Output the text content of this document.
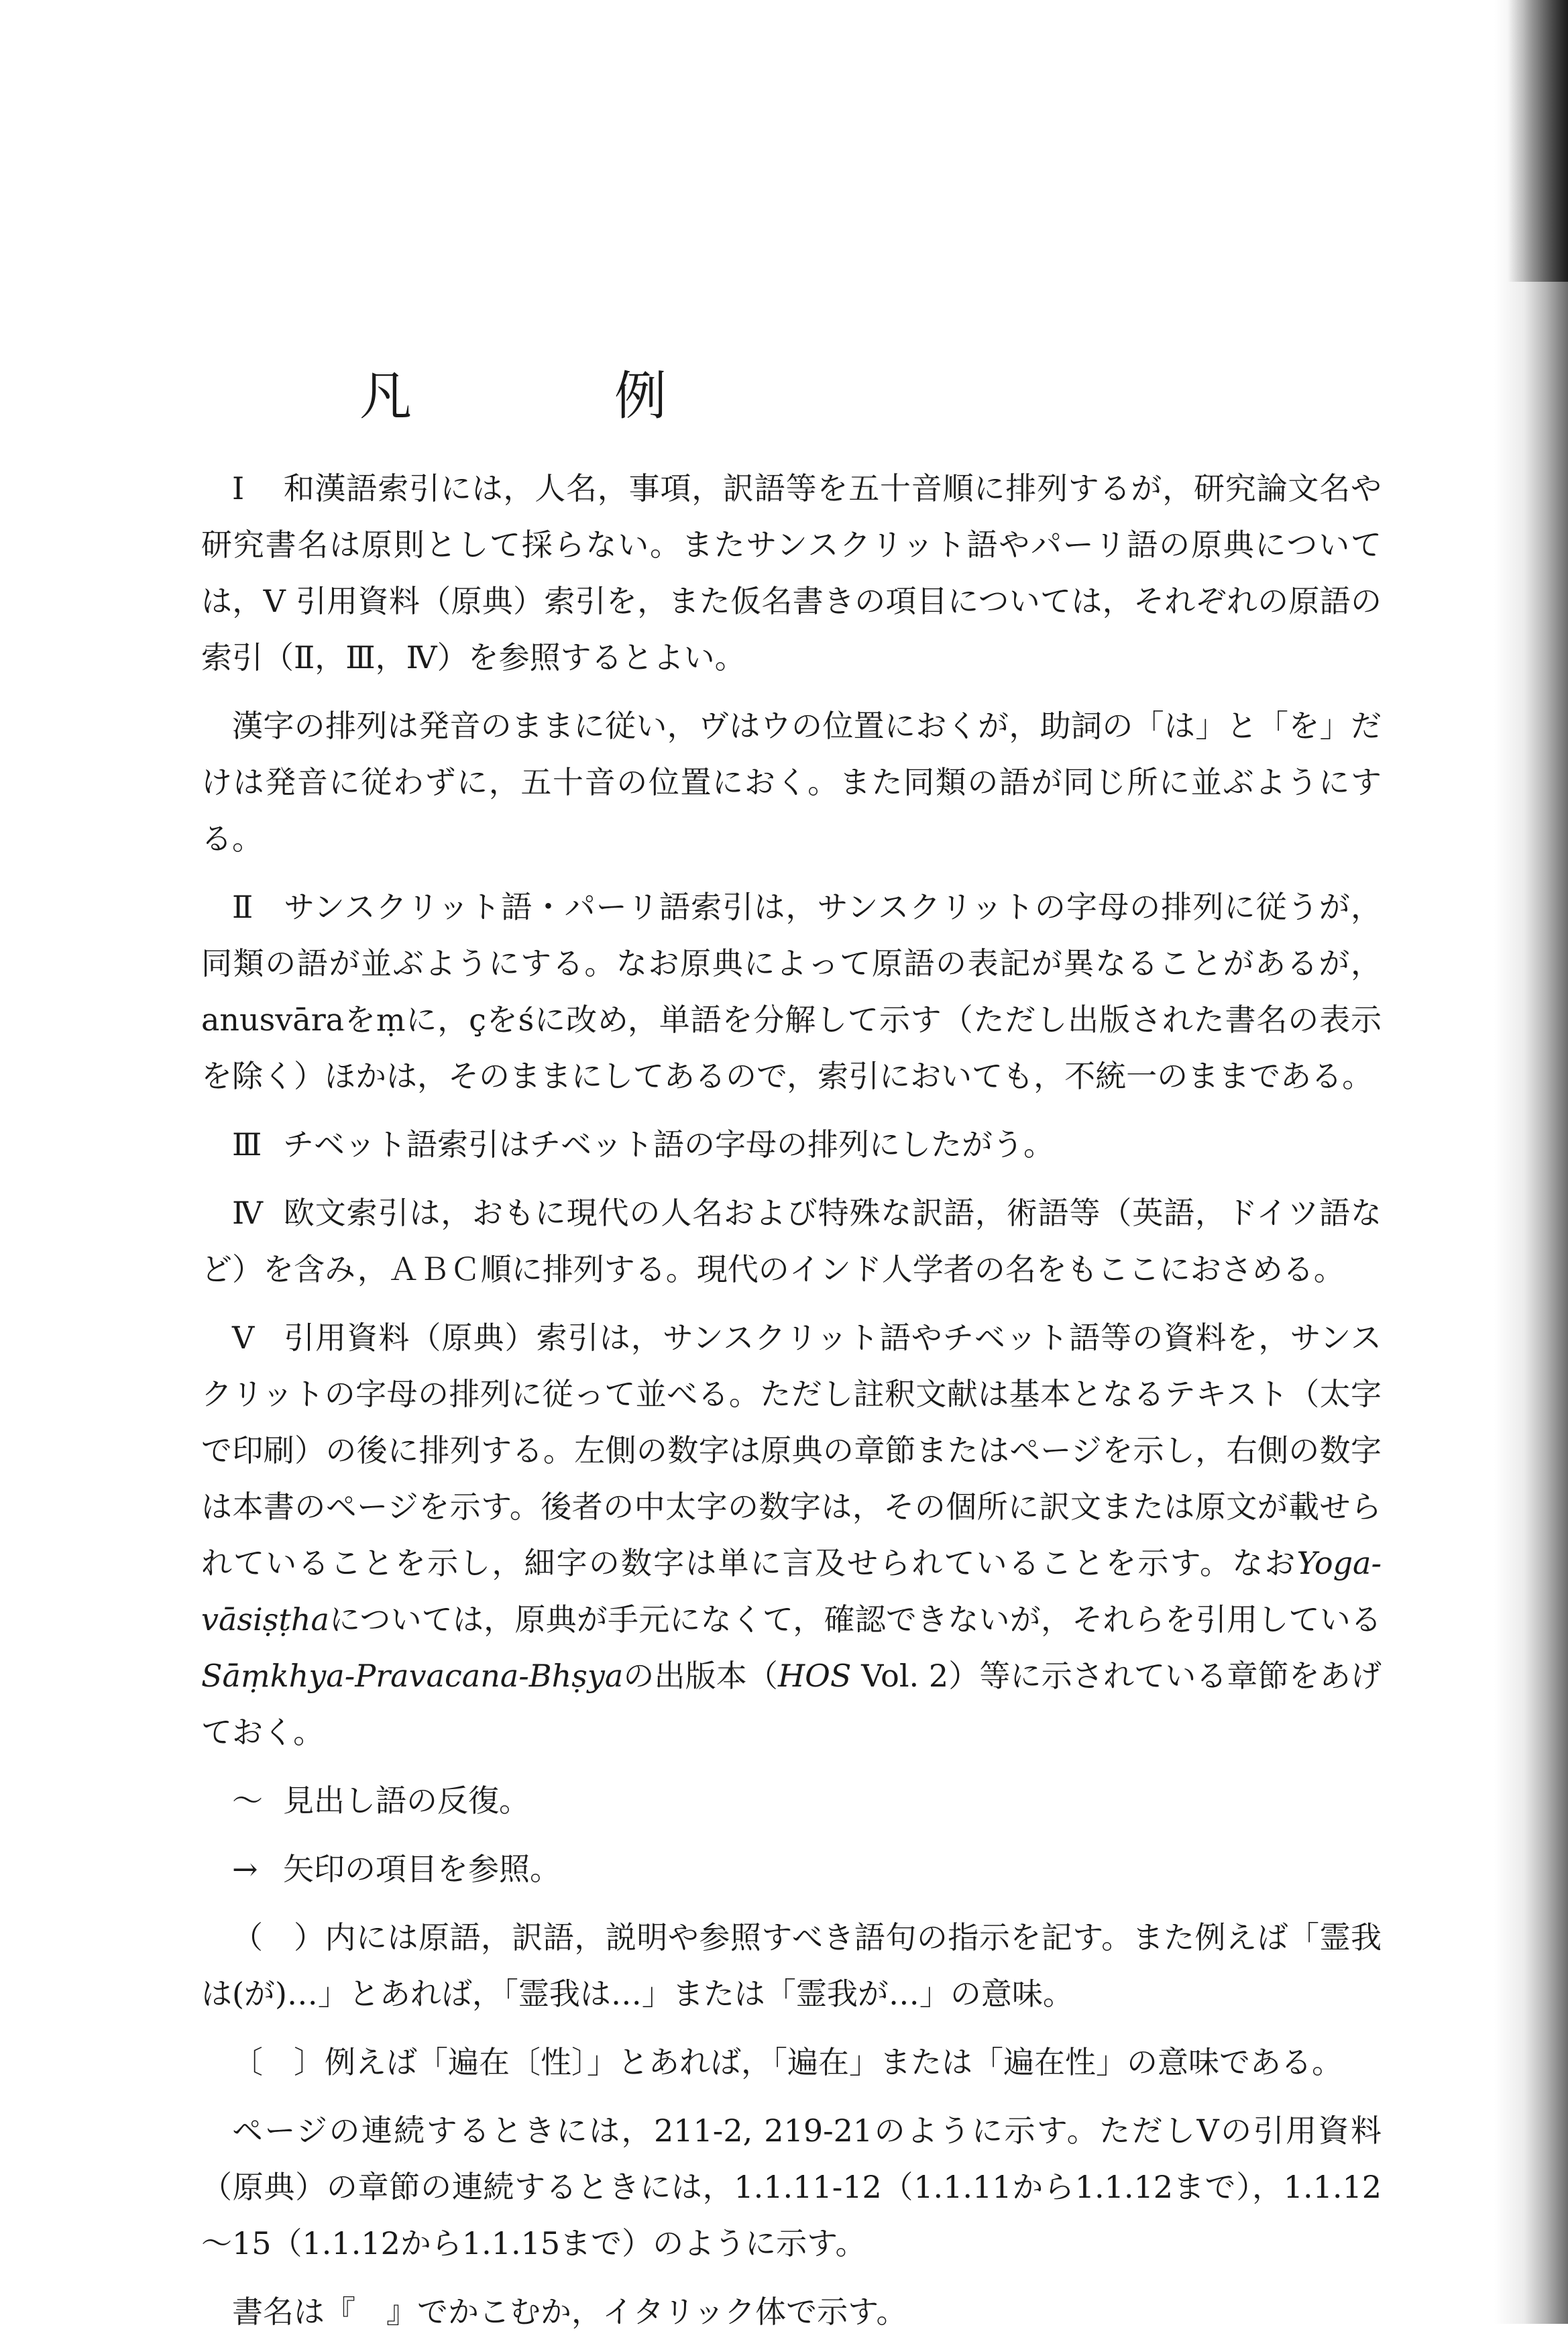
凡　例

I 和漢語索引には，人名，事項，訳語等を五十音順に排列するが，研究論文名や研究書名は原則として採らない。またサンスクリット語やパーリ語の原典については，Ⅴ 引用資料（原典）索引を，また仮名書きの項目については，それぞれの原語の索引（Ⅱ，Ⅲ，Ⅳ）を参照するとよい。

漢字の排列は発音のままに従い，ヴはウの位置におくが，助詞の「は」と「を」だけは発音に従わずに，五十音の位置におく。また同類の語が同じ所に並ぶようにする。

Ⅱ サンスクリット語・パーリ語索引は，サンスクリットの字母の排列に従うが，同類の語が並ぶようにする。なお原典によって原語の表記が異なることがあるが，anusvāraをṃに，çをśに改め，単語を分解して示す（ただし出版された書名の表示を除く）ほかは，そのままにしてあるので，索引においても，不統一のままである。

Ⅲ チベット語索引はチベット語の字母の排列にしたがう。

Ⅳ 欧文索引は，おもに現代の人名および特殊な訳語，術語等（英語，ドイツ語など）を含み，ＡＢＣ順に排列する。現代のインド人学者の名をもここにおさめる。

Ⅴ 引用資料（原典）索引は，サンスクリット語やチベット語等の資料を，サンスクリットの字母の排列に従って並べる。ただし註釈文献は基本となるテキスト（太字で印刷）の後に排列する。左側の数字は原典の章節またはページを示し，右側の数字は本書のページを示す。後者の中太字の数字は，その個所に訳文または原文が載せられていることを示し，細字の数字は単に言及せられていることを示す。なおYoga-vāsiṣṭhaについては，原典が手元になくて，確認できないが，それらを引用しているSāṃkhya-Pravacana-Bhṣyaの出版本（HOS Vol. 2）等に示されている章節をあげておく。

～ 見出し語の反復。

→ 矢印の項目を参照。

（　）内には原語，訳語，説明や参照すべき語句の指示を記す。また例えば「霊我は(が)…」とあれば，「霊我は…」または「霊我が…」の意味。

〔　〕例えば「遍在〔性〕」とあれば，「遍在」または「遍在性」の意味である。

ページの連続するときには，211-2, 219-21のように示す。ただしⅤの引用資料（原典）の章節の連続するときには，1.1.11-12（1.1.11から1.1.12まで），1.1.12～15（1.1.12から1.1.15まで）のように示す。

書名は『　』でかこむか，イタリック体で示す。
